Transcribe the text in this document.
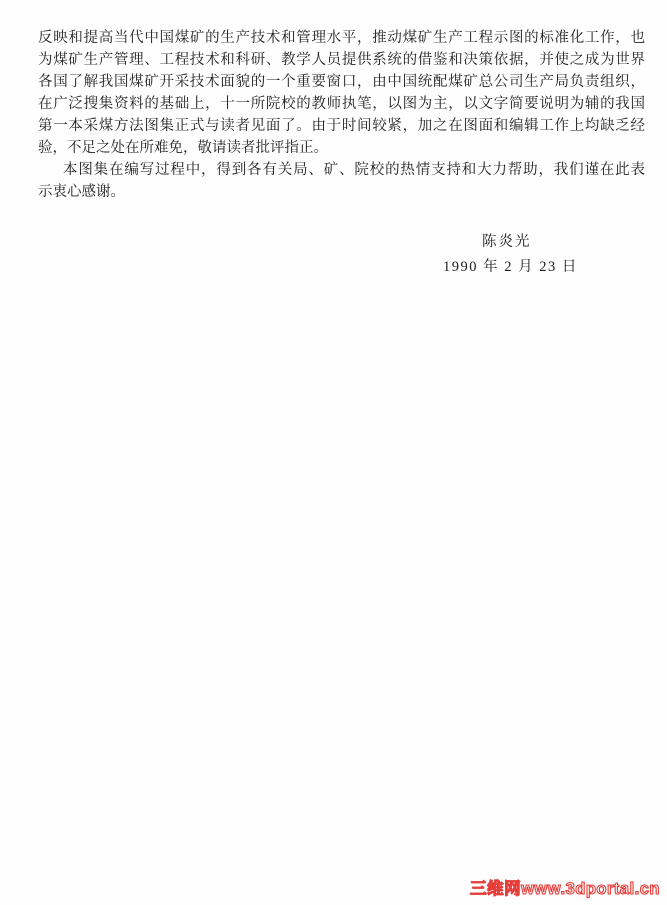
反映和提高当代中国煤矿的生产技术和管理水平，推动煤矿生产工程示图的标准化工作，也
为煤矿生产管理、工程技术和科研、教学人员提供系统的借鉴和决策依据，并使之成为世界
各国了解我国煤矿开采技术面貌的一个重要窗口，由中国统配煤矿总公司生产局负责组织，
在广泛搜集资料的基础上，十一所院校的教师执笔，以图为主，以文字简要说明为辅的我国
第一本采煤方法图集正式与读者见面了。由于时间较紧，加之在图面和编辑工作上均缺乏经
验，不足之处在所难免，敬请读者批评指正。
本图集在编写过程中，得到各有关局、矿、院校的热情支持和大力帮助，我们谨在此表
示衷心感谢。
陈炎光
1990 年 2 月 23 日
三维网www.3dportal.cn
